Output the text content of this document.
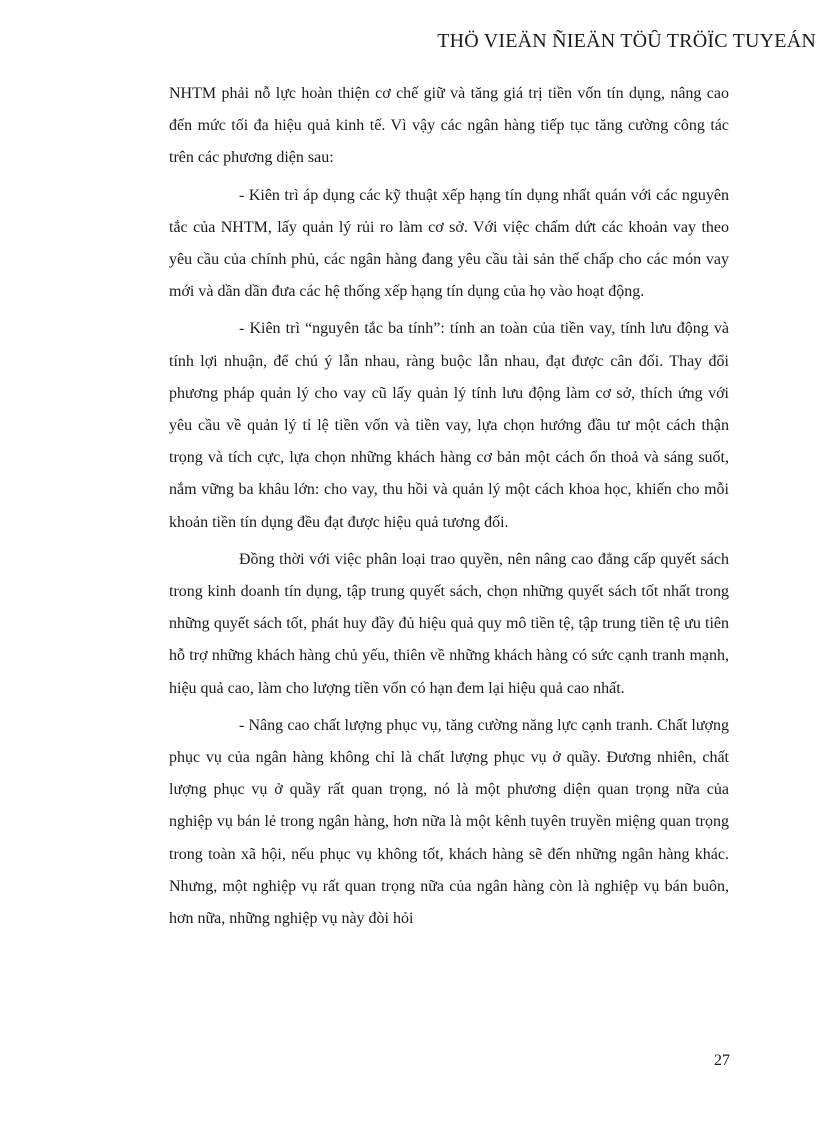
THÖ VIEÄN ÑIEÄN TÖÛ TRÖÏC TUYEÁN

NHTM phải nỗ lực hoàn thiện cơ chế giữ và tăng giá trị tiền vốn tín dụng, nâng cao đến mức tối đa hiệu quả kinh tế. Vì vậy các ngân hàng tiếp tục tăng cường công tác trên các phương diện sau:

- Kiên trì áp dụng các kỹ thuật xếp hạng tín dụng nhất quán với các nguyên tắc của NHTM, lấy quản lý rủi ro làm cơ sở. Với việc chấm dứt các khoản vay theo yêu cầu của chính phủ, các ngân hàng đang yêu cầu tài sản thế chấp cho các món vay mới và dần dần đưa các hệ thống xếp hạng tín dụng của họ vào hoạt động.

- Kiên trì “nguyên tắc ba tính”: tính an toàn của tiền vay, tính lưu động và tính lợi nhuận, để chú ý lẫn nhau, ràng buộc lẫn nhau, đạt được cân đối. Thay đổi phương pháp quản lý cho vay cũ lấy quản lý tính lưu động làm cơ sở, thích ứng với yêu cầu về quản lý tỉ lệ tiền vốn và tiền vay, lựa chọn hướng đầu tư một cách thận trọng và tích cực, lựa chọn những khách hàng cơ bản một cách ổn thoả và sáng suốt, nắm vững ba khâu lớn: cho vay, thu hồi và quản lý một cách khoa học, khiến cho mỗi khoản tiền tín dụng đều đạt được hiệu quả tương đối.

Đồng thời với việc phân loại trao quyền, nên nâng cao đẳng cấp quyết sách trong kinh doanh tín dụng, tập trung quyết sách, chọn những quyết sách tốt nhất trong những quyết sách tốt, phát huy đầy đủ hiệu quả quy mô tiền tệ, tập trung tiền tệ ưu tiên hỗ trợ những khách hàng chủ yếu, thiên về những khách hàng có sức cạnh tranh mạnh, hiệu quả cao, làm cho lượng tiền vốn có hạn đem lại hiệu quả cao nhất.

- Nâng cao chất lượng phục vụ, tăng cường năng lực cạnh tranh. Chất lượng phục vụ của ngân hàng không chỉ là chất lượng phục vụ ở quầy. Đương nhiên, chất lượng phục vụ ở quầy rất quan trọng, nó là một phương diện quan trọng nữa của nghiệp vụ bán lẻ trong ngân hàng, hơn nữa là một kênh tuyên truyền miệng quan trọng trong toàn xã hội, nếu phục vụ không tốt, khách hàng sẽ đến những ngân hàng khác. Nhưng, một nghiệp vụ rất quan trọng nữa của ngân hàng còn là nghiệp vụ bán buôn, hơn nữa, những nghiệp vụ này đòi hỏi

27
